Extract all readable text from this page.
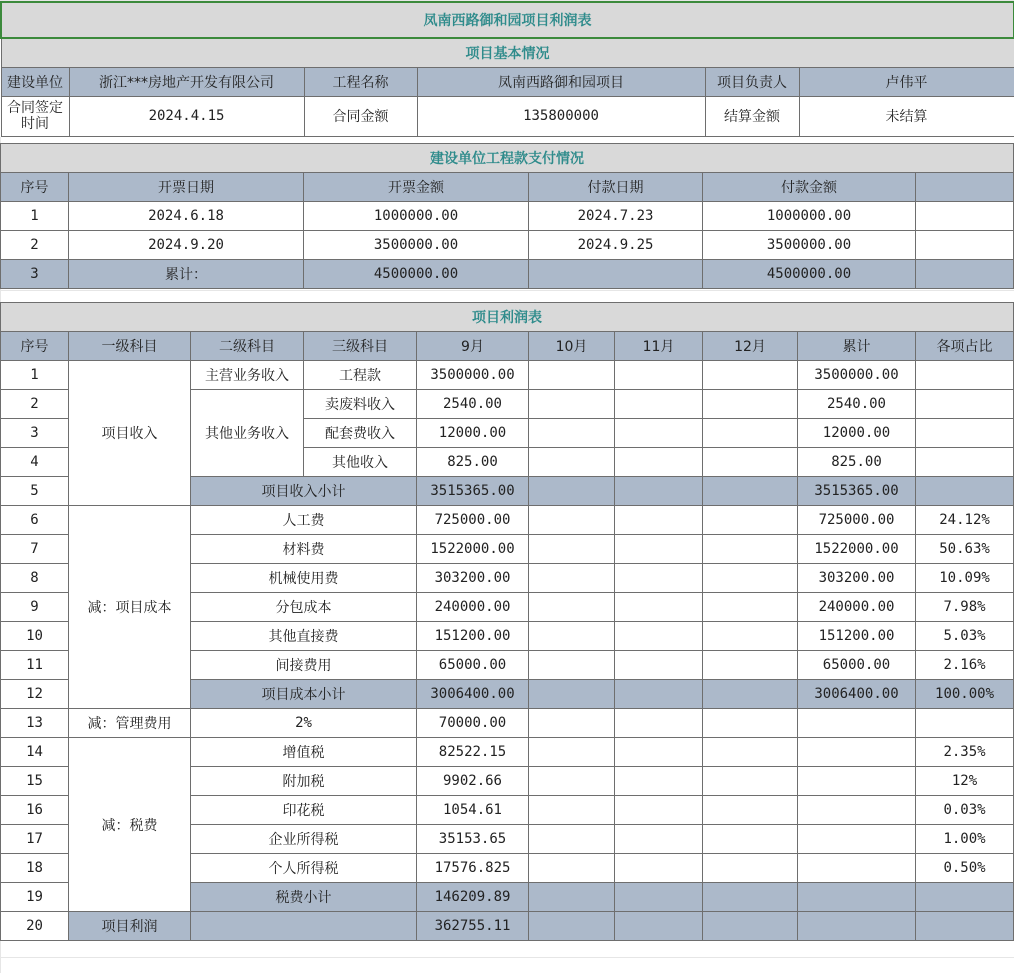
凤南西路御和园项目利润表					
项目基本情况					
建设单位	浙江***房地产开发有限公司	工程名称	凤南西路御和园项目	项目负责人	卢伟平
合同签定时间	2024.4.15	合同金额	135800000	结算金额	未结算
建设单位工程款支付情况					
序号	开票日期	开票金额	付款日期	付款金额	
1	2024.6.18	1000000.00	2024.7.23	1000000.00	
2	2024.9.20	3500000.00	2024.9.25	3500000.00	
3	累计：	4500000.00		4500000.00	
项目利润表									
序号	一级科目	二级科目	三级科目	9月	10月	11月	12月	累计	各项占比
1	项目收入	主营业务收入	工程款	3500000.00				3500000.00	
2		其他业务收入	卖废料收入	2540.00				2540.00	
3			配套费收入	12000.00				12000.00	
4			其他收入	825.00				825.00	
5		项目收入小计		3515365.00				3515365.00	
6	减：项目成本	人工费		725000.00				725000.00	24.12%
7		材料费		1522000.00				1522000.00	50.63%
8		机械使用费		303200.00				303200.00	10.09%
9		分包成本		240000.00				240000.00	7.98%
10		其他直接费		151200.00				151200.00	5.03%
11		间接费用		65000.00				65000.00	2.16%
12		项目成本小计		3006400.00				3006400.00	100.00%
13	减：管理费用	2%		70000.00					
14	减：税费	增值税		82522.15					2.35%
15		附加税		9902.66					12%
16		印花税		1054.61					0.03%
17		企业所得税		35153.65					1.00%
18		个人所得税		17576.825					0.50%
19		税费小计		146209.89					
20	项目利润			362755.11					
